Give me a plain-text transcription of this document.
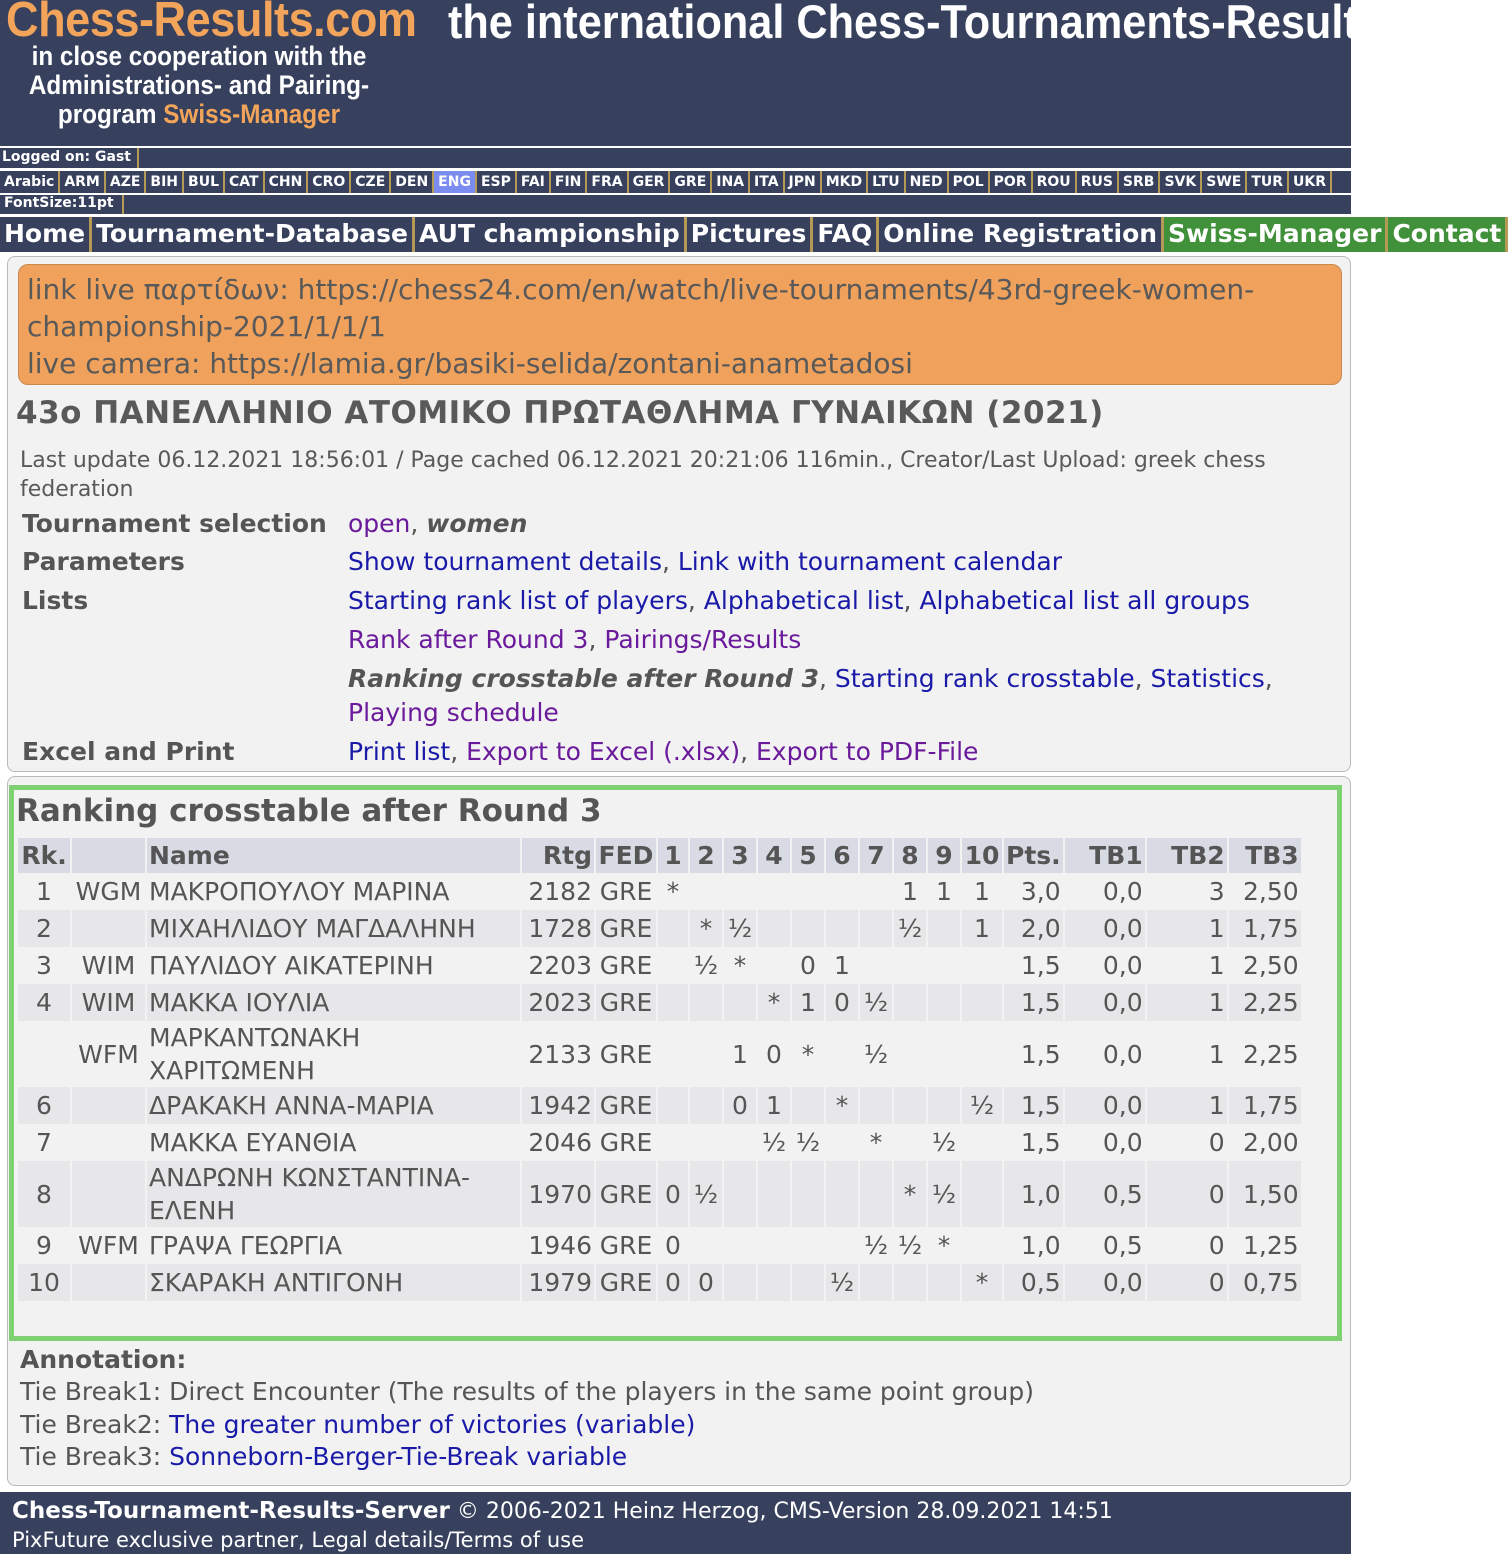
Chess-Results.com the international Chess-Tournaments-Results
in close cooperation with the Administrations- and Pairing-program Swiss-Manager
Logged on: Gast
Arabic ARM AZE BIH BUL CAT CHN CRO CZE DEN ENG ESP FAI FIN FRA GER GRE INA ITA JPN MKD LTU NED POL POR ROU RUS SRB SVK SWE TUR UKR
FontSize:11pt
Home Tournament-Database AUT championship Pictures FAQ Online Registration Swiss-Manager Contact
link live παρτίδων: https://chess24.com/en/watch/live-tournaments/43rd-greek-women-championship-2021/1/1/1
live camera: https://lamia.gr/basiki-selida/zontani-anametadosi
43ο ΠΑΝΕΛΛΗΝΙΟ ΑΤΟΜΙΚΟ ΠΡΩΤΑΘΛΗΜΑ ΓΥΝΑΙΚΩΝ (2021)
Last update 06.12.2021 18:56:01 / Page cached 06.12.2021 20:21:06 116min., Creator/Last Upload: greek chess federation
Tournament selection open, women
Parameters	Show tournament details, Link with tournament calendar
Lists	Starting rank list of players, Alphabetical list, Alphabetical list all groups
Rank after Round 3, Pairings/Results
Ranking crosstable after Round 3, Starting rank crosstable, Statistics,
Playing schedule
Excel and Print	Print list, Export to Excel (.xlsx), Export to PDF-File
Ranking crosstable after Round 3
Rk.		Name	Rtg	FED	1	2	3	4	5	6	7	8	9	10	Pts.	TB1	TB2	TB3
1	WGM	ΜΑΚΡΟΠΟΥΛΟΥ ΜΑΡΙΝΑ	2182	GRE	*							1	1	1	3,0	0,0	3	2,50
2		ΜΙΧΑΗΛΙΔΟΥ ΜΑΓΔΑΛΗΝΗ	1728	GRE		*	½					½		1	2,0	0,0	1	1,75
3	WIM	ΠΑΥΛΙΔΟΥ ΑΙΚΑΤΕΡΙΝΗ	2203	GRE		½	*		0	1					1,5	0,0	1	2,50
4	WIM	ΜΑΚΚΑ ΙΟΥΛΙΑ	2023	GRE				*	1	0	½				1,5	0,0	1	2,25
	WFM	ΜΑΡΚΑΝΤΩΝΑΚΗ ΧΑΡΙΤΩΜΕΝΗ	2133	GRE			1	0	*		½				1,5	0,0	1	2,25
6		ΔΡΑΚΑΚΗ ΑΝΝΑ-ΜΑΡΙΑ	1942	GRE			0	1		*				½	1,5	0,0	1	1,75
7		ΜΑΚΚΑ ΕΥΑΝΘΙΑ	2046	GRE				½	½		*		½		1,5	0,0	0	2,00
8		ΑΝΔΡΩΝΗ ΚΩΝΣΤΑΝΤΙΝΑ-ΕΛΕΝΗ	1970	GRE	0	½						*	½		1,0	0,5	0	1,50
9	WFM	ΓΡΑΨΑ ΓΕΩΡΓΙΑ	1946	GRE	0						½	½	*		1,0	0,5	0	1,25
10		ΣΚΑΡΑΚΗ ΑΝΤΙΓΟΝΗ	1979	GRE	0	0				½				*	0,5	0,0	0	0,75
Annotation:
Tie Break1: Direct Encounter (The results of the players in the same point group)
Tie Break2: The greater number of victories (variable)
Tie Break3: Sonneborn-Berger-Tie-Break variable
Chess-Tournament-Results-Server © 2006-2021 Heinz Herzog, CMS-Version 28.09.2021 14:51
PixFuture exclusive partner, Legal details/Terms of use
